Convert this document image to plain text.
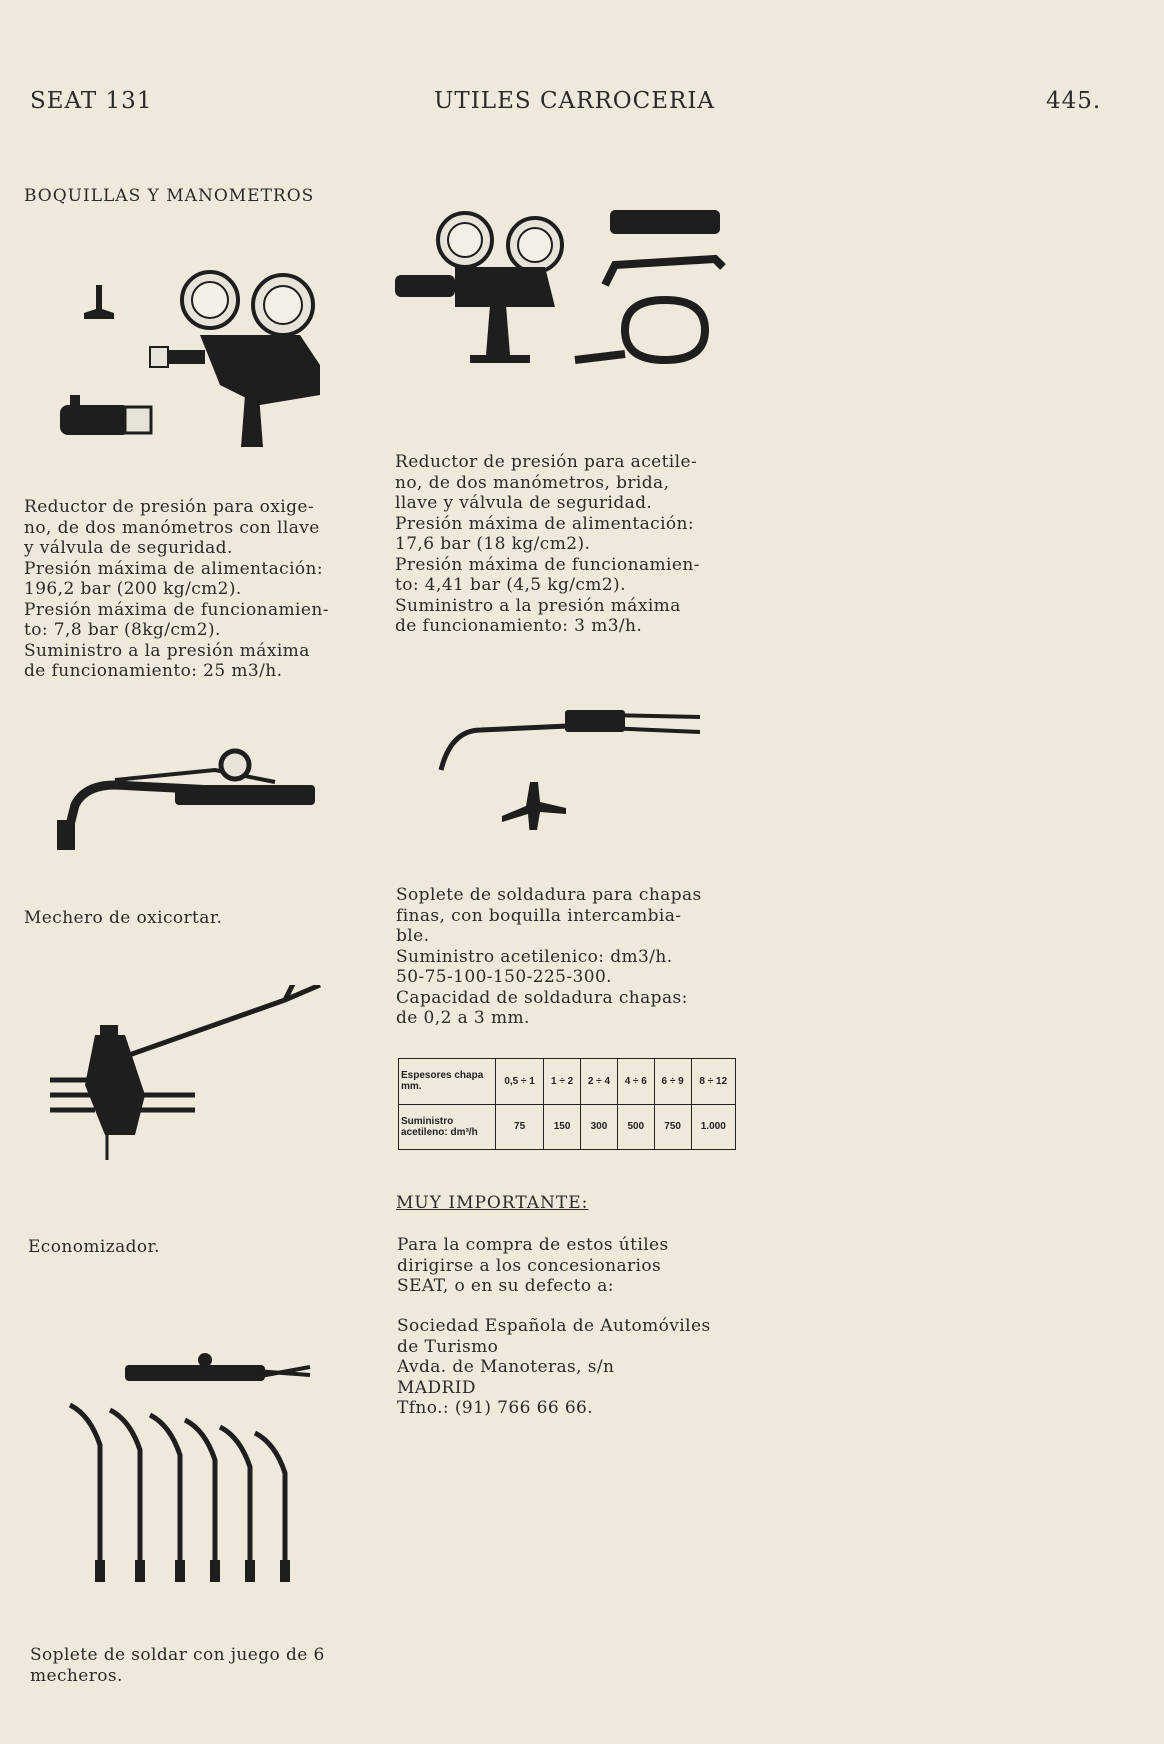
SEAT 131	UTILES CARROCERIA	445.
BOQUILLAS Y MANOMETROS
Reductor de presión para oxige-
no, de dos manómetros con llave
y válvula de seguridad.
Presión máxima de alimentación:
196,2 bar (200 kg/cm2).
Presión máxima de funcionamien-
to: 7,8 bar (8kg/cm2).
Suministro a la presión máxima
de funcionamiento: 25 m3/h.
Reductor de presión para acetile-
no, de dos manómetros, brida,
llave y válvula de seguridad.
Presión máxima de alimentación:
17,6 bar (18 kg/cm2).
Presión máxima de funcionamien-
to: 4,41 bar (4,5 kg/cm2).
Suministro a la presión máxima
de funcionamiento: 3 m3/h.
Mechero de oxicortar.
Soplete de soldadura para chapas
finas, con boquilla intercambia-
ble.
Suministro acetilenico: dm3/h.
50-75-100-150-225-300.
Capacidad de soldadura chapas:
de 0,2 a 3 mm.
Espesores chapa mm.	0,5 ÷ 1	1 ÷ 2	2 ÷ 4	4 ÷ 6	6 ÷ 9	8 ÷ 12
Suministro acetileno: dm³/h	75	150	300	500	750	1.000
MUY IMPORTANTE:
Economizador.	Para la compra de estos útiles
dirigirse a los concesionarios
SEAT, o en su defecto a:
Sociedad Española de Automóviles
de Turismo
Avda. de Manoteras, s/n
MADRID
Tfno.: (91) 766 66 66.
Soplete de soldar con juego de 6
mecheros.
